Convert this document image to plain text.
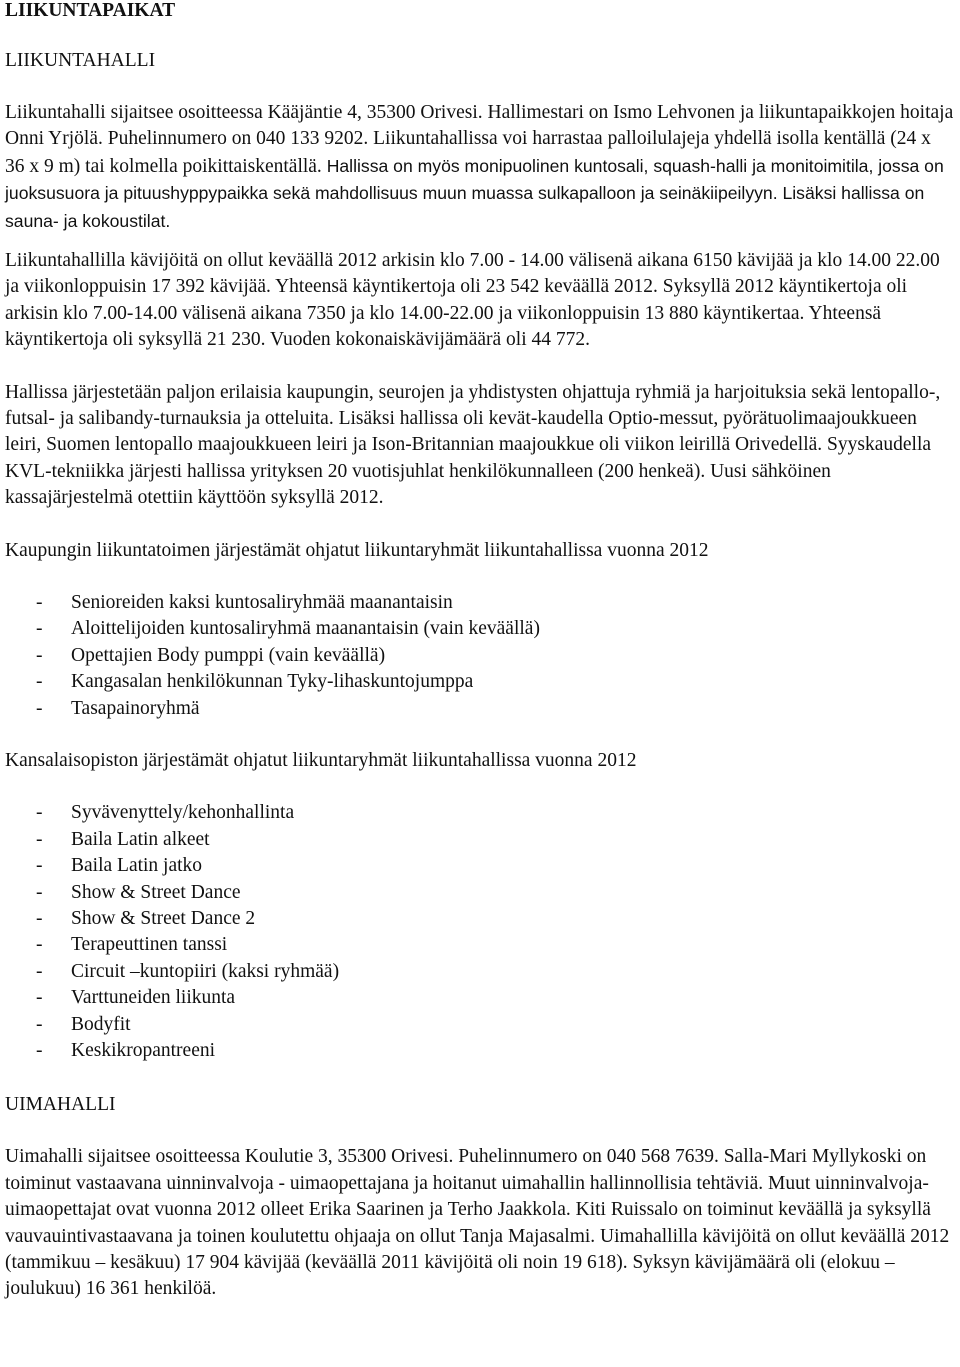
LIIKUNTAPAIKAT
LIIKUNTAHALLI

Liikuntahalli sijaitsee osoitteessa Kääjäntie 4, 35300 Orivesi. Hallimestari on Ismo Lehvonen ja liikuntapaikkojen hoitaja Onni Yrjölä. Puhelinnumero on 040 133 9202. Liikuntahallissa voi harrastaa palloilulajeja yhdellä isolla kentällä (24 x 36 x 9 m) tai kolmella poikittaiskentällä. Hallissa on myös monipuolinen kuntosali, squash-halli ja monitoimitila, jossa on juoksusuora ja pituushyppypaikka sekä mahdollisuus muun muassa sulkapalloon ja seinäkiipeilyyn. Lisäksi hallissa on sauna- ja kokoustilat.

Liikuntahallilla kävijöitä on ollut keväällä 2012 arkisin klo 7.00 - 14.00 välisenä aikana 6150 kävijää ja klo 14.00 22.00 ja viikonloppuisin 17 392 kävijää. Yhteensä käyntikertoja oli 23 542 keväällä 2012. Syksyllä 2012 käyntikertoja oli arkisin klo 7.00-14.00 välisenä aikana 7350 ja klo 14.00-22.00 ja viikonloppuisin 13 880 käyntikertaa. Yhteensä käyntikertoja oli syksyllä 21 230. Vuoden kokonaiskävijämäärä oli 44 772.

Hallissa järjestetään paljon erilaisia kaupungin, seurojen ja yhdistysten ohjattuja ryhmiä ja harjoituksia sekä lentopallo-, futsal- ja salibandy-turnauksia ja otteluita. Lisäksi hallissa oli kevät-kaudella Optio-messut, pyörätuolimaajoukkueen leiri, Suomen lentopallo maajoukkueen leiri ja Ison-Britannian maajoukkue oli viikon leirillä Orivedellä. Syyskaudella KVL-tekniikka järjesti hallissa yrityksen 20 vuotisjuhlat henkilökunnalleen (200 henkeä). Uusi sähköinen kassajärjestelmä otettiin käyttöön syksyllä 2012.

Kaupungin liikuntatoimen järjestämät ohjatut liikuntaryhmät liikuntahallissa vuonna 2012

- Senioreiden kaksi kuntosaliryhmää maanantaisin
- Aloittelijoiden kuntosaliryhmä maanantaisin (vain keväällä)
- Opettajien Body pumppi (vain keväällä)
- Kangasalan henkilökunnan Tyky-lihaskuntojumppa
- Tasapainoryhmä

Kansalaisopiston järjestämät ohjatut liikuntaryhmät liikuntahallissa vuonna 2012

- Syvävenyttely/kehonhallinta
- Baila Latin alkeet
- Baila Latin jatko
- Show & Street Dance
- Show & Street Dance 2
- Terapeuttinen tanssi
- Circuit –kuntopiiri (kaksi ryhmää)
- Varttuneiden liikunta
- Bodyfit
- Keskikropantreeni
UIMAHALLI

Uimahalli sijaitsee osoitteessa Koulutie 3, 35300 Orivesi. Puhelinnumero on 040 568 7639. Salla-Mari Myllykoski on toiminut vastaavana uinninvalvoja - uimaopettajana ja hoitanut uimahallin hallinnollisia tehtäviä. Muut uinninvalvoja-uimaopettajat ovat vuonna 2012 olleet Erika Saarinen ja Terho Jaakkola. Kiti Ruissalo on toiminut keväällä ja syksyllä vauvauintivastaavana ja toinen koulutettu ohjaaja on ollut Tanja Majasalmi. Uimahallilla kävijöitä on ollut keväällä 2012 (tammikuu – kesäkuu) 17 904 kävijää (keväällä 2011 kävijöitä oli noin 19 618). Syksyn kävijämäärä oli (elokuu – joulukuu) 16 361 henkilöä.
